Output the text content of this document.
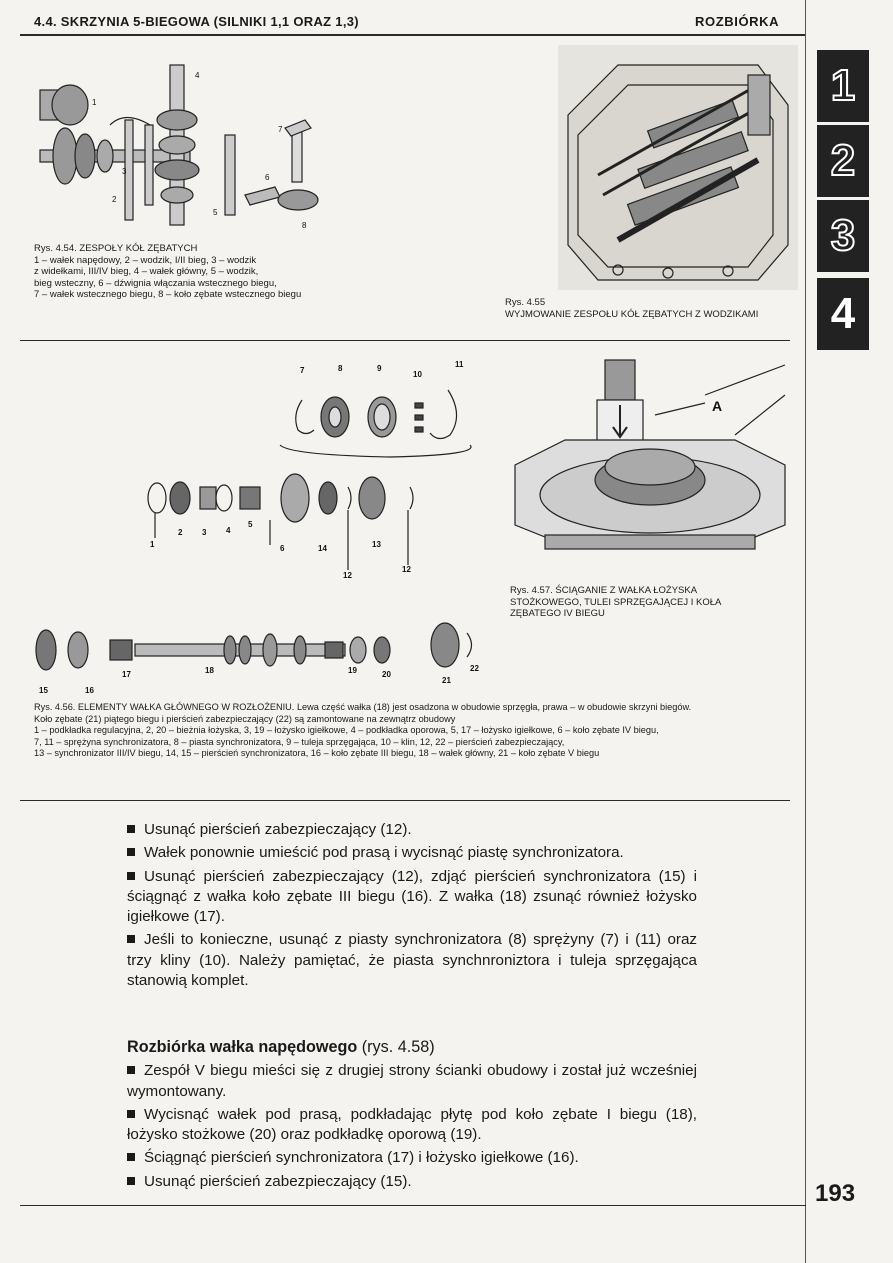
4.4. SKRZYNIA 5-BIEGOWA (SILNIKI 1,1 ORAZ 1,3)	ROZBIÓRKA
1
2
3
4
1
2
3
4
5
6
7
8
Rys. 4.54. ZESPOŁY KÓŁ ZĘBATYCH
1 – wałek napędowy, 2 – wodzik, I/II bieg, 3 – wodzik
z widełkami, III/IV bieg, 4 – wałek główny, 5 – wodzik,
bieg wsteczny, 6 – dźwignia włączania wstecznego biegu,
7 – wałek wstecznego biegu, 8 – koło zębate wstecznego biegu
Rys. 4.55
WYJMOWANIE ZESPOŁU KÓŁ ZĘBATYCH Z WODZIKAMI
7	8	9
10
11
1
2 3 4
5
6	14	13
12
12
15	16
17	18	19	20
21
22
A
Rys. 4.57. ŚCIĄGANIE Z WAŁKA ŁOŻYSKA
STOŻKOWEGO, TULEI SPRZĘGAJĄCEJ I KOŁA
ZĘBATEGO IV BIEGU
Rys. 4.56. ELEMENTY WAŁKA GŁÓWNEGO W ROZŁOŻENIU. Lewa część wałka (18) jest osadzona w obudowie sprzęgła, prawa – w obudowie skrzyni biegów.
Koło zębate (21) piątego biegu i pierścień zabezpieczający (22) są zamontowane na zewnątrz obudowy
1 – podkładka regulacyjna, 2, 20 – bieżnia łożyska, 3, 19 – łożysko igiełkowe, 4 – podkładka oporowa, 5, 17 – łożysko igiełkowe, 6 – koło zębate IV biegu,
7, 11 – sprężyna synchronizatora, 8 – piasta synchronizatora, 9 – tuleja sprzęgająca, 10 – klin, 12, 22 – pierścień zabezpieczający,
13 – synchronizator III/IV biegu, 14, 15 – pierścień synchronizatora, 16 – koło zębate III biegu, 18 – wałek główny, 21 – koło zębate V biegu

Usunąć pierścień zabezpieczający (12).

Wałek ponownie umieścić pod prasą i wycisnąć piastę synchronizatora.

Usunąć pierścień zabezpieczający (12), zdjąć pierścień synchronizatora (15) i ściągnąć z wałka koło zębate III biegu (16). Z wałka (18) zsunąć również łożysko igiełkowe (17).

Jeśli to konieczne, usunąć z piasty synchronizatora (8) sprężyny (7) i (11) oraz trzy kliny (10). Należy pamiętać, że piasta synchnroniztora i tuleja sprzęgająca stanowią komplet.

Rozbiórka wałka napędowego (rys. 4.58)

Zespół V biegu mieści się z drugiej strony ścianki obudowy i został już wcześniej wymontowany.

Wycisnąć wałek pod prasą, podkładając płytę pod koło zębate I biegu (18), łożysko stożkowe (20) oraz podkładkę oporową (19).

Ściągnąć pierścień synchronizatora (17) i łożysko igiełkowe (16).

Usunąć pierścień zabezpieczający (15).	193
